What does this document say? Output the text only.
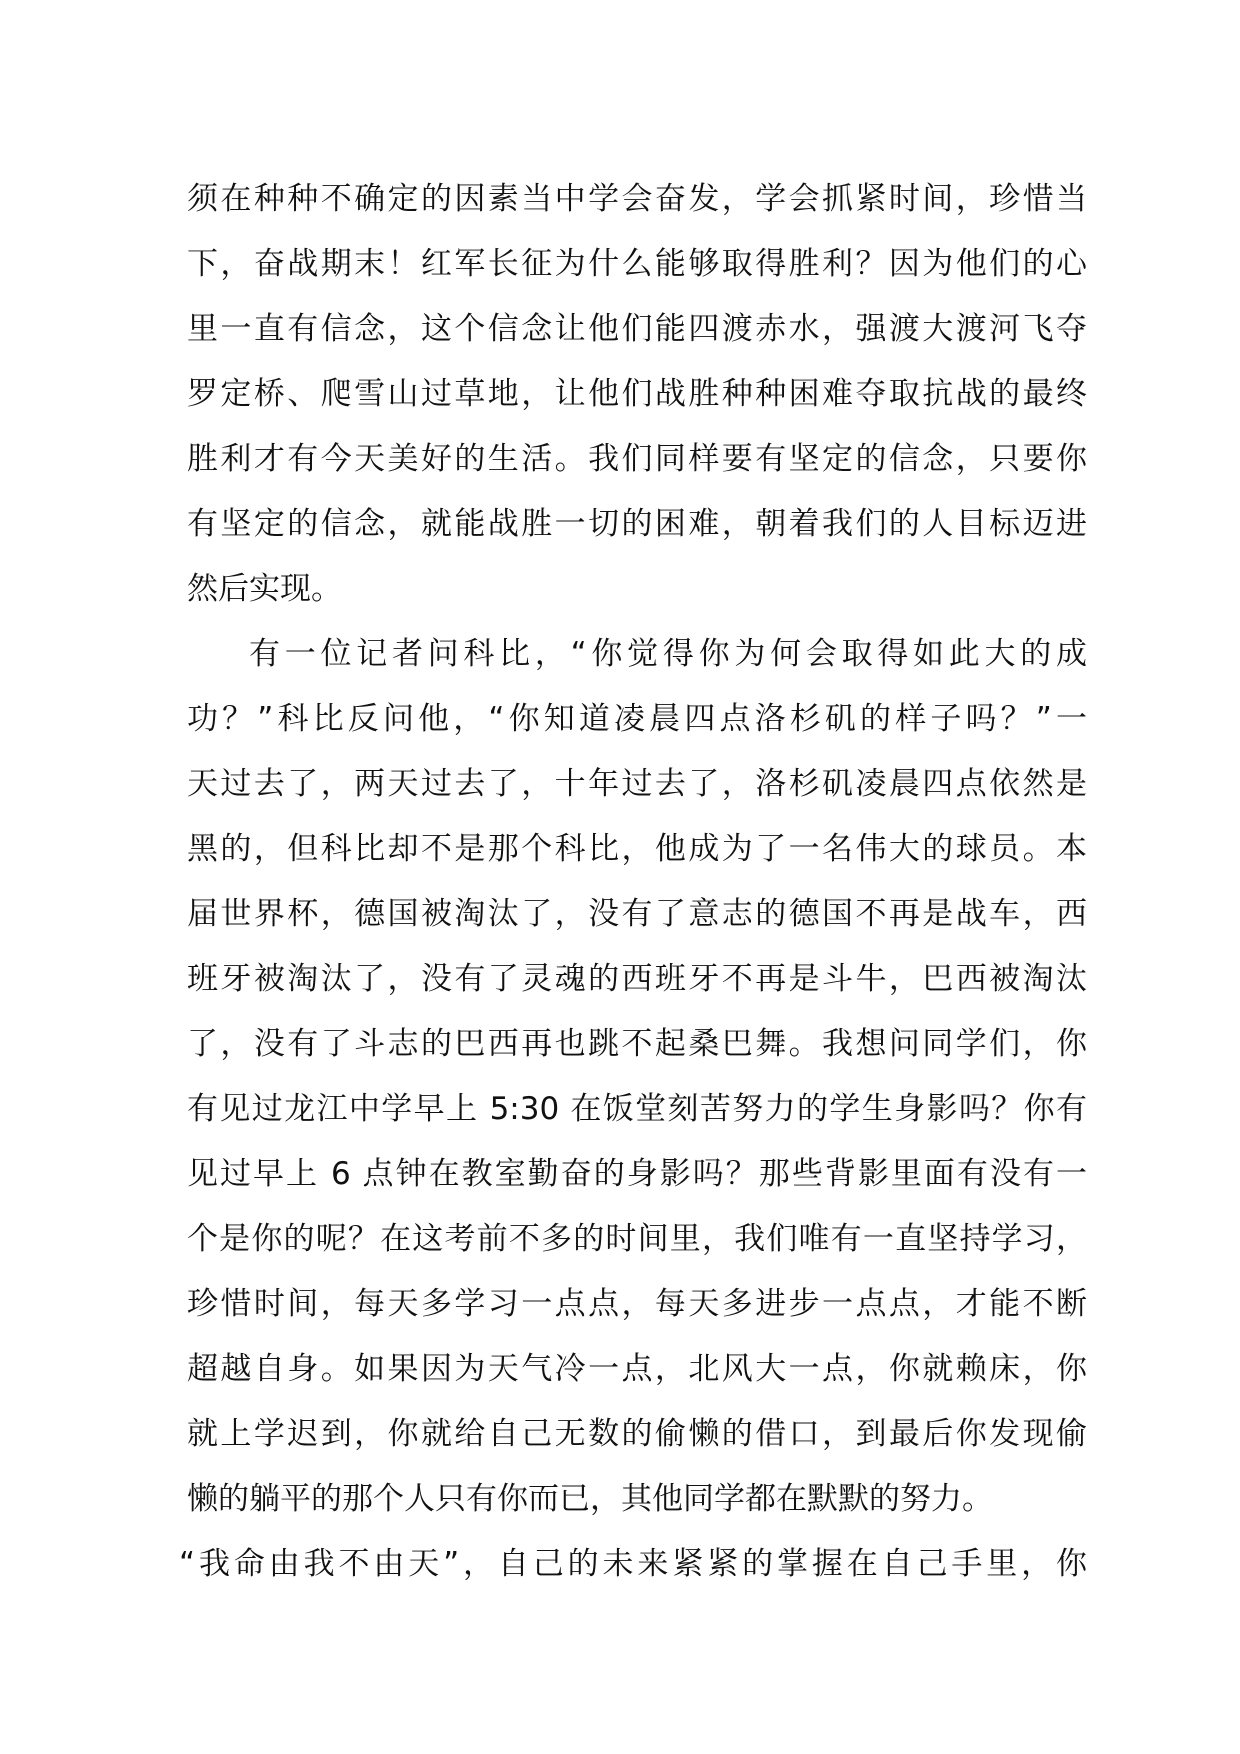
须在种种不确定的因素当中学会奋发，学会抓紧时间，珍惜当
下，奋战期末！红军长征为什么能够取得胜利？因为他们的心
里一直有信念，这个信念让他们能四渡赤水，强渡大渡河飞夺
罗定桥、爬雪山过草地，让他们战胜种种困难夺取抗战的最终
胜利才有今天美好的生活。我们同样要有坚定的信念，只要你
有坚定的信念，就能战胜一切的困难，朝着我们的人目标迈进
然后实现。
有一位记者问科比，“你觉得你为何会取得如此大的成
功？”科比反问他，“你知道凌晨四点洛杉矶的样子吗？”一
天过去了，两天过去了，十年过去了，洛杉矶凌晨四点依然是
黑的，但科比却不是那个科比，他成为了一名伟大的球员。本
届世界杯，德国被淘汰了，没有了意志的德国不再是战车，西
班牙被淘汰了，没有了灵魂的西班牙不再是斗牛，巴西被淘汰
了，没有了斗志的巴西再也跳不起桑巴舞。我想问同学们，你
有见过龙江中学早上 5:30 在饭堂刻苦努力的学生身影吗？你有
见过早上 6 点钟在教室勤奋的身影吗？那些背影里面有没有一
个是你的呢？在这考前不多的时间里，我们唯有一直坚持学习，
珍惜时间，每天多学习一点点，每天多进步一点点，才能不断
超越自身。如果因为天气冷一点，北风大一点，你就赖床，你
就上学迟到，你就给自己无数的偷懒的借口，到最后你发现偷
懒的躺平的那个人只有你而已，其他同学都在默默的努力。
“我命由我不由天”，自己的未来紧紧的掌握在自己手里，你
